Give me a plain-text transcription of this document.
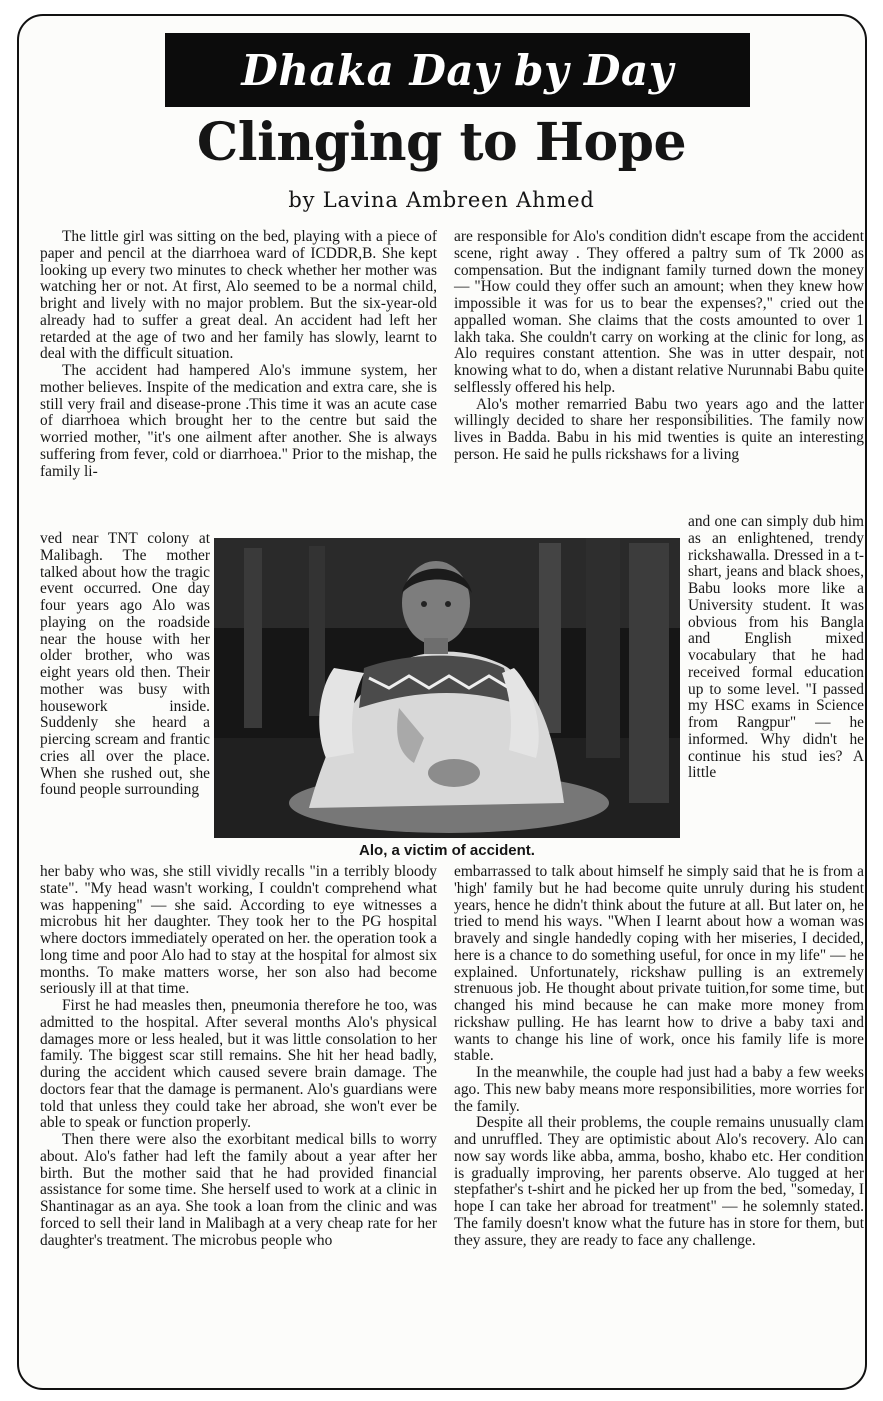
Dhaka Day by Day
Clinging to Hope
by Lavina Ambreen Ahmed

The little girl was sitting on the bed, playing with a piece of paper and pencil at the diarrhoea ward of ICDDR,B. She kept looking up every two minutes to check whether her mother was watching her or not. At first, Alo seemed to be a normal child, bright and lively with no major problem. But the six-year-old already had to suffer a great deal. An accident had left her retarded at the age of two and her family has slowly, learnt to deal with the difficult situation.

The accident had hampered Alo's immune system, her mother believes. Inspite of the medication and extra care, she is still very frail and disease-prone .This time it was an acute case of diarrhoea which brought her to the centre but said the worried mother, "it's one ailment after another. She is always suffering from fever, cold or diarrhoea." Prior to the mishap, the family li-

ved near TNT colony at Malibagh. The mother talked about how the tragic event occurred. One day four years ago Alo was playing on the roadside near the house with her older brother, who was eight years old then. Their mother was busy with housework inside. Suddenly she heard a piercing scream and frantic cries all over the place. When she rushed out, she found people surrounding

her baby who was, she still vividly recalls "in a terribly bloody state". "My head wasn't working, I couldn't comprehend what was happening" — she said. According to eye witnesses a microbus hit her daughter. They took her to the PG hospital where doctors immediately operated on her. the operation took a long time and poor Alo had to stay at the hospital for almost six months. To make matters worse, her son also had become seriously ill at that time.

First he had measles then, pneumonia therefore he too, was admitted to the hospital. After several months Alo's physical damages more or less healed, but it was little consolation to her family. The biggest scar still remains. She hit her head badly, during the accident which caused severe brain damage. The doctors fear that the damage is permanent. Alo's guardians were told that unless they could take her abroad, she won't ever be able to speak or function properly.

Then there were also the exorbitant medical bills to worry about. Alo's father had left the family about a year after her birth. But the mother said that he had provided financial assistance for some time. She herself used to work at a clinic in Shantinagar as an aya. She took a loan from the clinic and was forced to sell their land in Malibagh at a very cheap rate for her daughter's treatment. The microbus people who

are responsible for Alo's condition didn't escape from the accident scene, right away . They offered a paltry sum of Tk 2000 as compensation. But the indignant family turned down the money — "How could they offer such an amount; when they knew how impossible it was for us to bear the expenses?," cried out the appalled woman. She claims that the costs amounted to over 1 lakh taka. She couldn't carry on working at the clinic for long, as Alo requires constant attention. She was in utter despair, not knowing what to do, when a distant relative Nurunnabi Babu quite selflessly offered his help.

Alo's mother remarried Babu two years ago and the latter willingly decided to share her responsibilities. The family now lives in Badda. Babu in his mid twenties is quite an interesting person. He said he pulls rickshaws for a living

and one can simply dub him as an enlightened, trendy rickshawalla. Dressed in a t-shart, jeans and black shoes, Babu looks more like a University student. It was obvious from his Bangla and English mixed vocabulary that he had received formal education up to some level. "I passed my HSC exams in Science from Rangpur" — he informed. Why didn't he continue his stud ies? A little

embarrassed to talk about himself he simply said that he is from a 'high' family but he had become quite unruly during his student years, hence he didn't think about the future at all. But later on, he tried to mend his ways. "When I learnt about how a woman was bravely and single handedly coping with her miseries, I decided, here is a chance to do something useful, for once in my life" — he explained. Unfortunately, rickshaw pulling is an extremely strenuous job. He thought about private tuition,for some time, but changed his mind because he can make more money from rickshaw pulling. He has learnt how to drive a baby taxi and wants to change his line of work, once his family life is more stable.

In the meanwhile, the couple had just had a baby a few weeks ago. This new baby means more responsibilities, more worries for the family.

Despite all their problems, the couple remains unusually clam and unruffled. They are optimistic about Alo's recovery. Alo can now say words like abba, amma, bosho, khabo etc. Her condition is gradually improving, her parents observe. Alo tugged at her stepfather's t-shirt and he picked her up from the bed, "someday, I hope I can take her abroad for treatment" — he solemnly stated. The family doesn't know what the future has in store for them, but they assure, they are ready to face any challenge.

Alo, a victim of accident.
